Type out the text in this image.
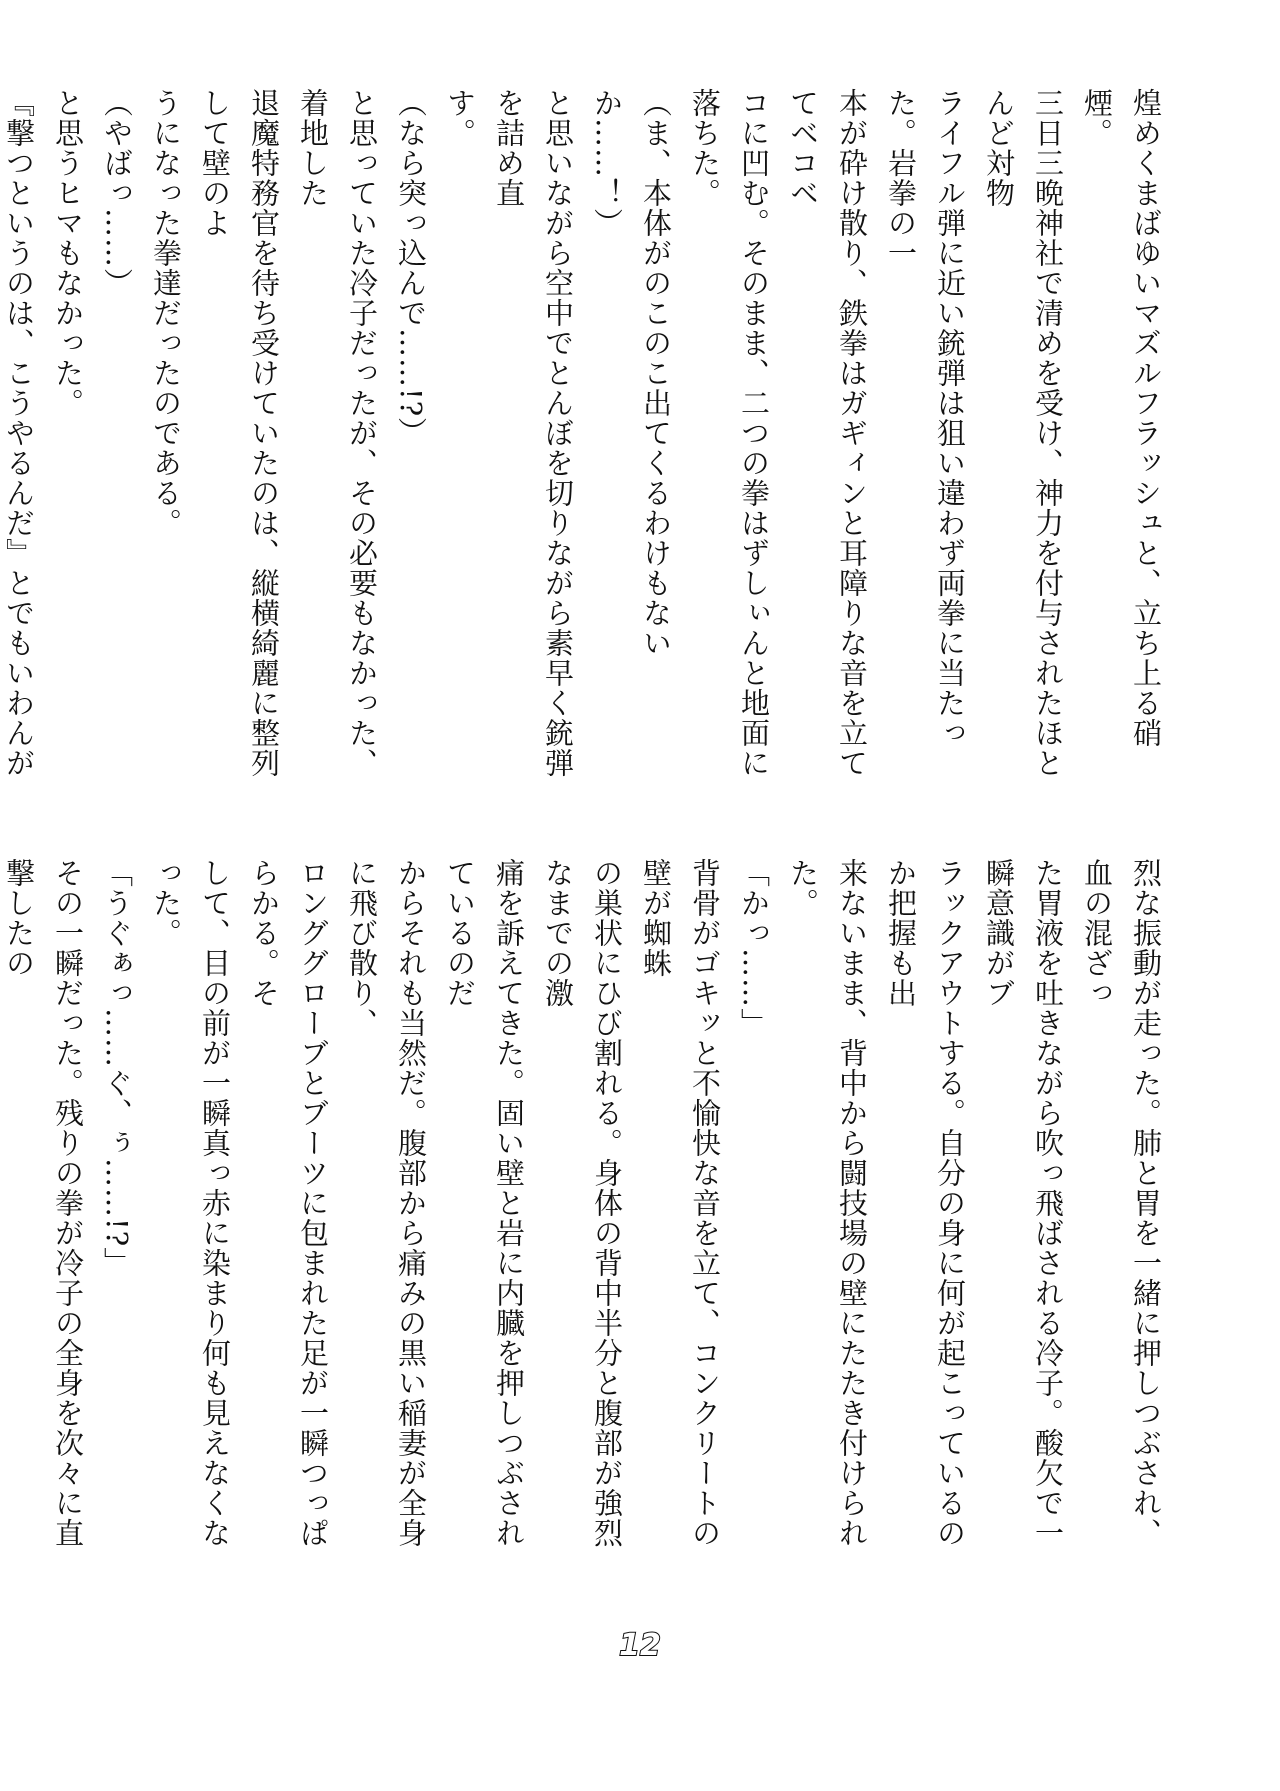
煌めくまばゆいマズルフラッシュと、立ち上る硝煙。
三日三晩神社で清めを受け、神力を付与されたほとんど対物
ライフル弾に近い銃弾は狙い違わず両拳に当たった。岩拳の一
本が砕け散り、鉄拳はガギィンと耳障りな音を立ててベコベ
コに凹む。そのまま、二つの拳はずしぃんと地面に落ちた。
（ま、本体がのこのこ出てくるわけもないか……！）
と思いながら空中でとんぼを切りながら素早く銃弾を詰め直
す。
（なら突っ込んで……!?）
と思っていた冷子だったが、その必要もなかった、着地した
退魔特務官を待ち受けていたのは、縦横綺麗に整列して壁のよ
うになった拳達だったのである。
（やばっ……）
と思うヒマもなかった。
『撃つというのは、こうやるんだ』とでもいわんが
烈な振動が走った。肺と胃を一緒に押しつぶされ、血の混ざっ
た胃液を吐きながら吹っ飛ばされる冷子。酸欠で一瞬意識がブ
ラックアウトする。自分の身に何が起こっているのか把握も出
来ないまま、背中から闘技場の壁にたたき付けられた。
「かっ……」
背骨がゴキッと不愉快な音を立て、コンクリートの壁が蜘蛛
の巣状にひび割れる。身体の背中半分と腹部が強烈なまでの激
痛を訴えてきた。固い壁と岩に内臓を押しつぶされているのだ
からそれも当然だ。腹部から痛みの黒い稲妻が全身に飛び散り、
ロンググローブとブーツに包まれた足が一瞬つっぱらかる。そ
して、目の前が一瞬真っ赤に染まり何も見えなくなった。
「うぐぁっ……ぐ、ぅ……!?」
その一瞬だった。残りの拳が冷子の全身を次々に直撃したの
12
